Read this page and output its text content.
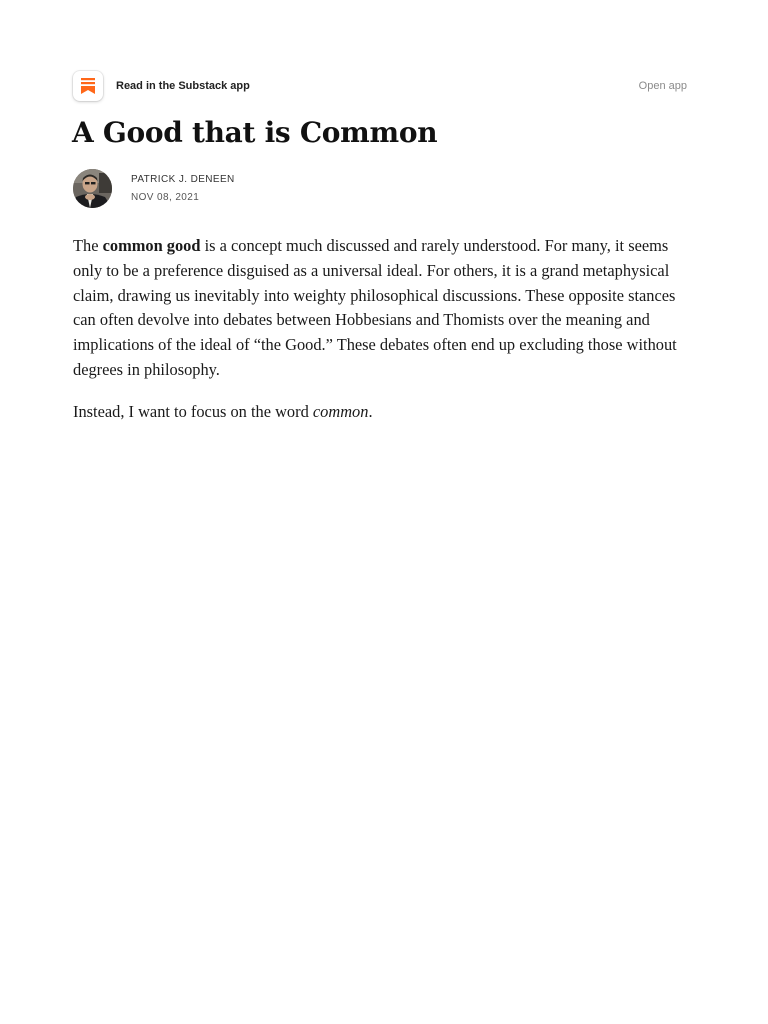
Read in the Substack app	Open app
A Good that is Common
PATRICK J. DENEEN
NOV 08, 2021

The common good is a concept much discussed and rarely understood. For many, it seems only to be a preference disguised as a universal ideal. For others, it is a grand metaphysical claim, drawing us inevitably into weighty philosophical discussions. These opposite stances can often devolve into debates between Hobbesians and Thomists over the meaning and implications of the ideal of “the Good.” These debates often end up excluding those without degrees in philosophy.

Instead, I want to focus on the word common.
